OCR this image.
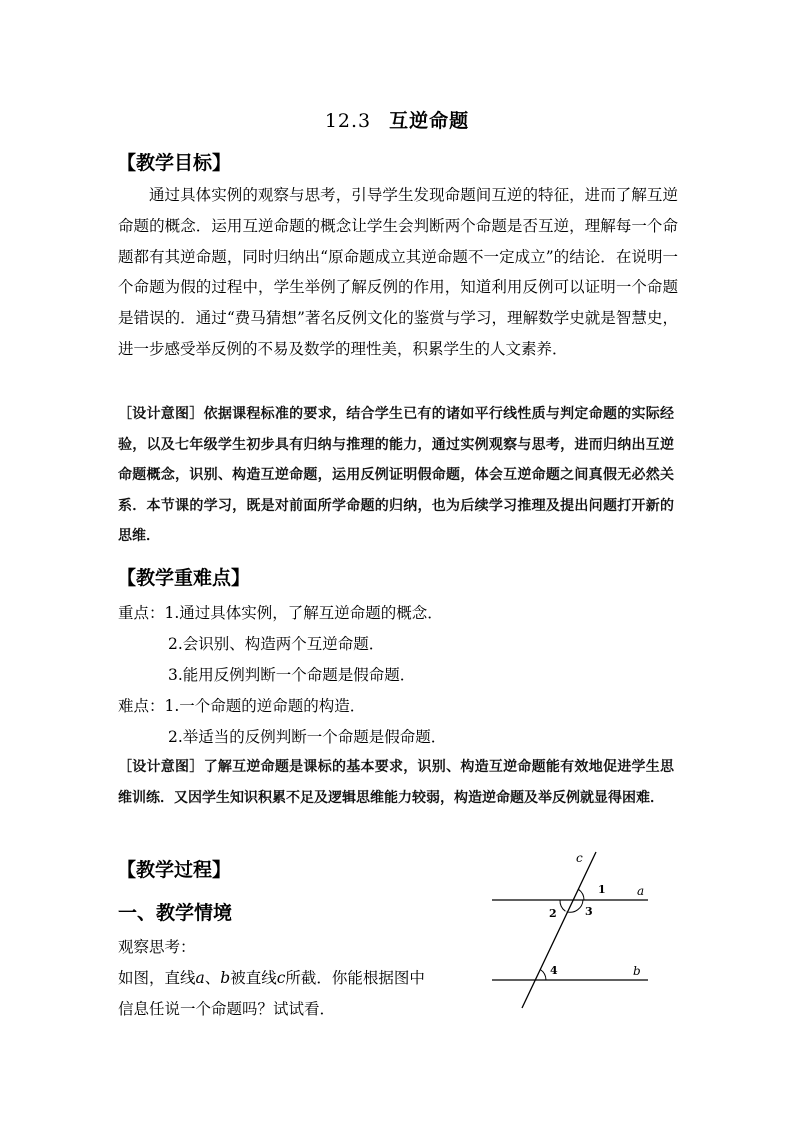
12.3 互逆命题
【教学目标】
通过具体实例的观察与思考，引导学生发现命题间互逆的特征，进而了解互逆命题的概念．运用互逆命题的概念让学生会判断两个命题是否互逆，理解每一个命题都有其逆命题，同时归纳出“原命题成立其逆命题不一定成立”的结论．在说明一个命题为假的过程中，学生举例了解反例的作用，知道利用反例可以证明一个命题是错误的．通过“费马猜想”著名反例文化的鉴赏与学习，理解数学史就是智慧史，进一步感受举反例的不易及数学的理性美，积累学生的人文素养．
［设计意图］依据课程标准的要求，结合学生已有的诸如平行线性质与判定命题的实际经验，以及七年级学生初步具有归纳与推理的能力，通过实例观察与思考，进而归纳出互逆命题概念，识别、构造互逆命题，运用反例证明假命题，体会互逆命题之间真假无必然关系．本节课的学习，既是对前面所学命题的归纳，也为后续学习推理及提出问题打开新的思维．
【教学重难点】
重点：1.通过具体实例，了解互逆命题的概念．
2.会识别、构造两个互逆命题．
3.能用反例判断一个命题是假命题．
难点：1.一个命题的逆命题的构造．
2.举适当的反例判断一个命题是假命题．
［设计意图］了解互逆命题是课标的基本要求，识别、构造互逆命题能有效地促进学生思维训练．又因学生知识积累不足及逻辑思维能力较弱，构造逆命题及举反例就显得困难．
【教学过程】
一、教学情境
观察思考：
如图，直线a、b被直线c所截．你能根据图中
信息任说一个命题吗？试试看．
c
a
b
1
2	3
4
